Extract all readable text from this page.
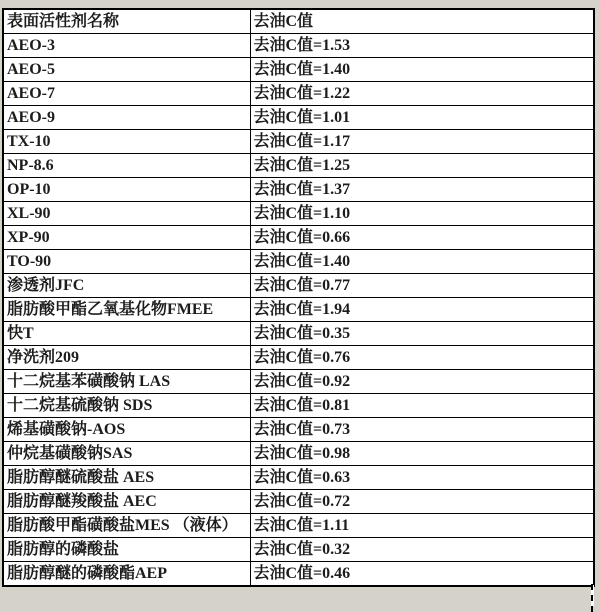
表面活性剂名称	去油C值
AEO-3	去油C值=1.53
AEO-5	去油C值=1.40
AEO-7	去油C值=1.22
AEO-9	去油C值=1.01
TX-10	去油C值=1.17
NP-8.6	去油C值=1.25
OP-10	去油C值=1.37
XL-90	去油C值=1.10
XP-90	去油C值=0.66
TO-90	去油C值=1.40
渗透剂JFC	去油C值=0.77
脂肪酸甲酯乙氧基化物FMEE	去油C值=1.94
快T	去油C值=0.35
净洗剂209	去油C值=0.76
十二烷基苯磺酸钠 LAS	去油C值=0.92
十二烷基硫酸钠 SDS	去油C值=0.81
烯基磺酸钠-AOS	去油C值=0.73
仲烷基磺酸钠SAS	去油C值=0.98
脂肪醇醚硫酸盐 AES	去油C值=0.63
脂肪醇醚羧酸盐 AEC	去油C值=0.72
脂肪酸甲酯磺酸盐MES （液体）	去油C值=1.11
脂肪醇的磷酸盐	去油C值=0.32
脂肪醇醚的磷酸酯AEP	去油C值=0.46
